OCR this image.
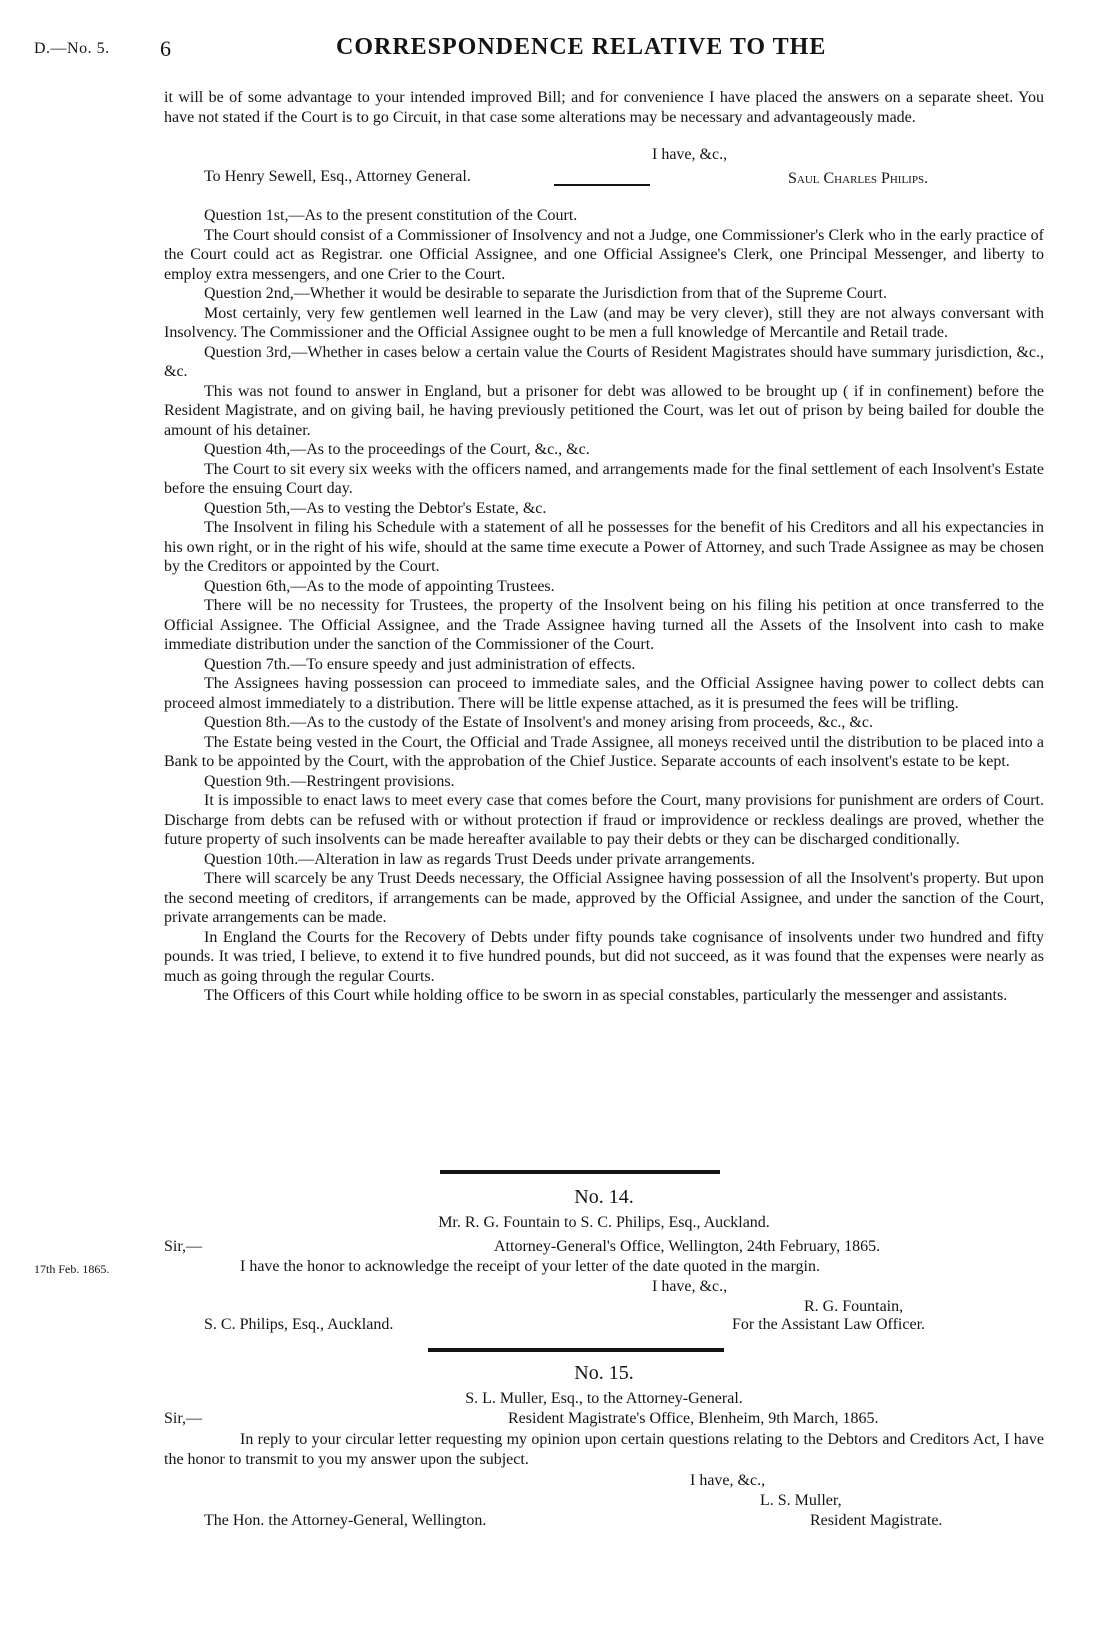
D.—No. 5. 6	CORRESPONDENCE RELATIVE TO THE

it will be of some advantage to your intended improved Bill; and for convenience I have placed the answers on a separate sheet. You have not stated if the Court is to go Circuit, in that case some alterations may be necessary and advantageously made.

I have, &c.,
To Henry Sewell, Esq., Attorney General.	Saul Charles Philips.

Question 1st,—As to the present constitution of the Court.

The Court should consist of a Commissioner of Insolvency and not a Judge, one Commissioner's Clerk who in the early practice of the Court could act as Registrar. one Official Assignee, and one Official Assignee's Clerk, one Principal Messenger, and liberty to employ extra messengers, and one Crier to the Court.

Question 2nd,—Whether it would be desirable to separate the Jurisdiction from that of the Supreme Court.

Most certainly, very few gentlemen well learned in the Law (and may be very clever), still they are not always conversant with Insolvency. The Commissioner and the Official Assignee ought to be men a full knowledge of Mercantile and Retail trade.

Question 3rd,—Whether in cases below a certain value the Courts of Resident Magistrates should have summary jurisdiction, &c., &c.

This was not found to answer in England, but a prisoner for debt was allowed to be brought up ( if in confinement) before the Resident Magistrate, and on giving bail, he having previously petitioned the Court, was let out of prison by being bailed for double the amount of his detainer.

Question 4th,—As to the proceedings of the Court, &c., &c.

The Court to sit every six weeks with the officers named, and arrangements made for the final settlement of each Insolvent's Estate before the ensuing Court day.

Question 5th,—As to vesting the Debtor's Estate, &c.

The Insolvent in filing his Schedule with a statement of all he possesses for the benefit of his Creditors and all his expectancies in his own right, or in the right of his wife, should at the same time execute a Power of Attorney, and such Trade Assignee as may be chosen by the Creditors or appointed by the Court.

Question 6th,—As to the mode of appointing Trustees.

There will be no necessity for Trustees, the property of the Insolvent being on his filing his petition at once transferred to the Official Assignee. The Official Assignee, and the Trade Assignee having turned all the Assets of the Insolvent into cash to make immediate distribution under the sanction of the Commissioner of the Court.

Question 7th.—To ensure speedy and just administration of effects.

The Assignees having possession can proceed to immediate sales, and the Official Assignee having power to collect debts can proceed almost immediately to a distribution. There will be little expense attached, as it is presumed the fees will be trifling.

Question 8th.—As to the custody of the Estate of Insolvent's and money arising from proceeds, &c., &c.

The Estate being vested in the Court, the Official and Trade Assignee, all moneys received until the distribution to be placed into a Bank to be appointed by the Court, with the approbation of the Chief Justice. Separate accounts of each insolvent's estate to be kept.

Question 9th.—Restringent provisions.

It is impossible to enact laws to meet every case that comes before the Court, many provisions for punishment are orders of Court. Discharge from debts can be refused with or without protection if fraud or improvidence or reckless dealings are proved, whether the future property of such insolvents can be made hereafter available to pay their debts or they can be discharged conditionally.

Question 10th.—Alteration in law as regards Trust Deeds under private arrangements.

There will scarcely be any Trust Deeds necessary, the Official Assignee having possession of all the Insolvent's property. But upon the second meeting of creditors, if arrangements can be made, approved by the Official Assignee, and under the sanction of the Court, private arrangements can be made.

In England the Courts for the Recovery of Debts under fifty pounds take cognisance of insolvents under two hundred and fifty pounds. It was tried, I believe, to extend it to five hundred pounds, but did not succeed, as it was found that the expenses were nearly as much as going through the regular Courts.

The Officers of this Court while holding office to be sworn in as special constables, particularly the messenger and assistants.

No. 14.
Mr. R. G. Fountain to S. C. Philips, Esq., Auckland.
Sir,—	Attorney-General's Office, Wellington, 24th February, 1865.
17th Feb. 1865.	I have the honor to acknowledge the receipt of your letter of the date quoted in the margin.
I have, &c.,
R. G. Fountain,
S. C. Philips, Esq., Auckland.	For the Assistant Law Officer.
No. 15.
S. L. Muller, Esq., to the Attorney-General.
Sir,—	Resident Magistrate's Office, Blenheim, 9th March, 1865.

In reply to your circular letter requesting my opinion upon certain questions relating to the Debtors and Creditors Act, I have the honor to transmit to you my answer upon the subject.

I have, &c.,
L. S. Muller,
The Hon. the Attorney-General, Wellington.	Resident Magistrate.
